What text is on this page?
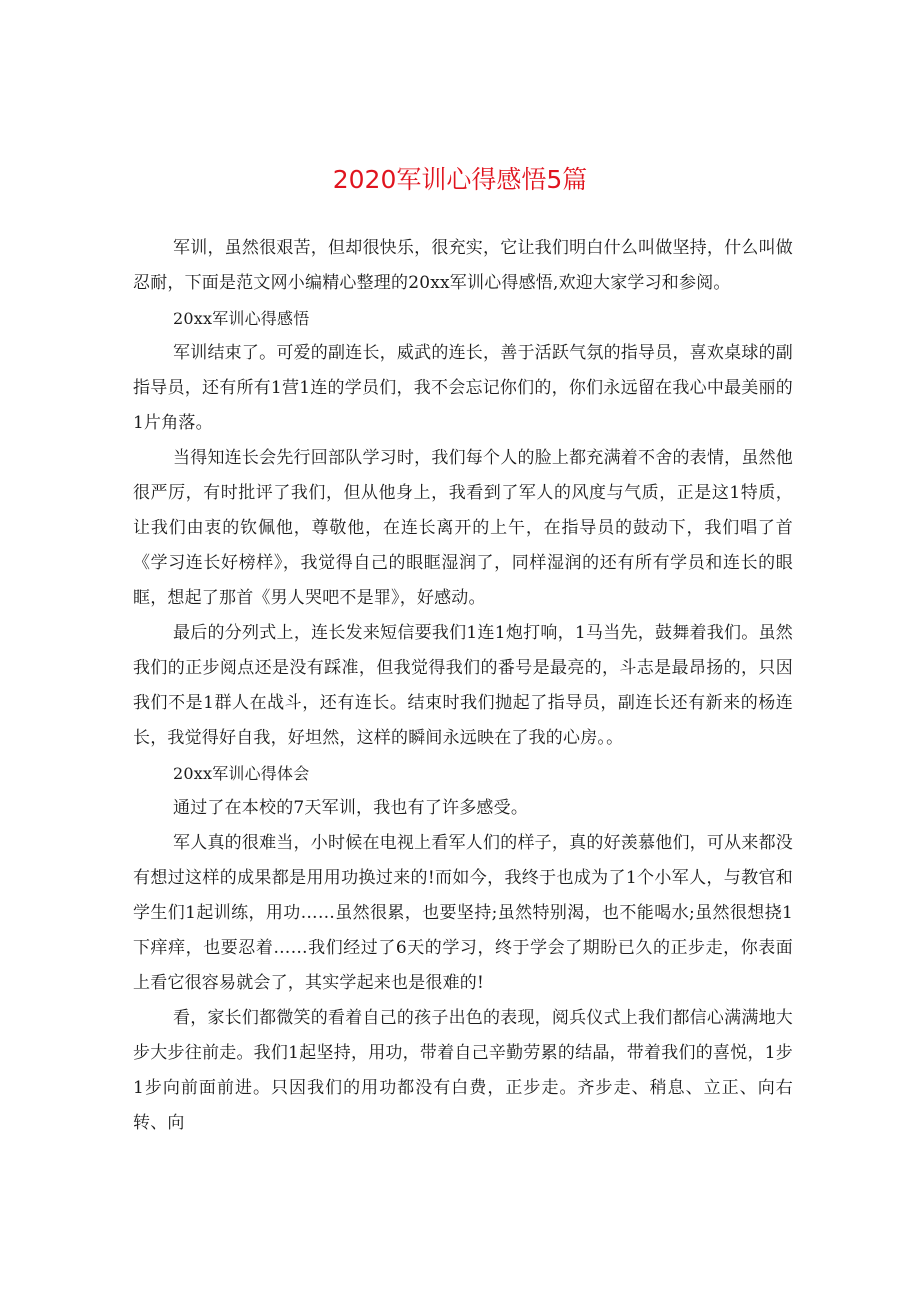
2020军训心得感悟5篇

军训，虽然很艰苦，但却很快乐，很充实，它让我们明白什么叫做坚持，什么叫做忍耐，下面是范文网小编精心整理的20xx军训心得感悟,欢迎大家学习和参阅。

20xx军训心得感悟

军训结束了。可爱的副连长，威武的连长，善于活跃气氛的指导员，喜欢桌球的副指导员，还有所有1营1连的学员们，我不会忘记你们的，你们永远留在我心中最美丽的1片角落。

当得知连长会先行回部队学习时，我们每个人的脸上都充满着不舍的表情，虽然他很严厉，有时批评了我们，但从他身上，我看到了军人的风度与气质，正是这1特质，让我们由衷的钦佩他，尊敬他，在连长离开的上午，在指导员的鼓动下，我们唱了首《学习连长好榜样》，我觉得自己的眼眶湿润了，同样湿润的还有所有学员和连长的眼眶，想起了那首《男人哭吧不是罪》，好感动。

最后的分列式上，连长发来短信要我们1连1炮打响，1马当先，鼓舞着我们。虽然我们的正步阅点还是没有踩准，但我觉得我们的番号是最亮的，斗志是最昂扬的，只因我们不是1群人在战斗，还有连长。结束时我们抛起了指导员，副连长还有新来的杨连长，我觉得好自我，好坦然，这样的瞬间永远映在了我的心房。。

20xx军训心得体会

通过了在本校的7天军训，我也有了许多感受。

军人真的很难当，小时候在电视上看军人们的样子，真的好羡慕他们，可从来都没有想过这样的成果都是用用功换过来的!而如今，我终于也成为了1个小军人，与教官和学生们1起训练，用功……虽然很累，也要坚持;虽然特别渴，也不能喝水;虽然很想挠1下痒痒，也要忍着……我们经过了6天的学习，终于学会了期盼已久的正步走，你表面上看它很容易就会了，其实学起来也是很难的!

看，家长们都微笑的看着自己的孩子出色的表现，阅兵仪式上我们都信心满满地大步大步往前走。我们1起坚持，用功，带着自己辛勤劳累的结晶，带着我们的喜悦，1步1步向前面前进。只因我们的用功都没有白费，正步走。齐步走、稍息、立正、向右转、向
